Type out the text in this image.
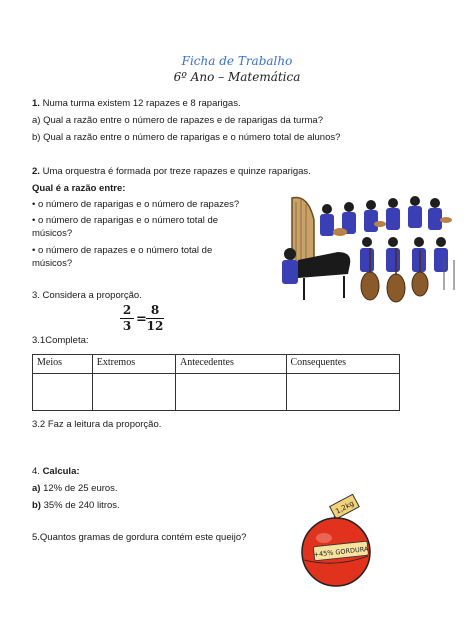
Ficha de Trabalho
6º Ano – Matemática
1. Numa turma existem 12 rapazes e 8 raparigas.
a) Qual a razão entre o número de rapazes e de raparigas da turma?
b) Qual a razão entre o número de raparigas e o número total de alunos?
2. Uma orquestra é formada por treze rapazes e quinze raparigas.
Qual é a razão entre:
• o número de raparigas e o número de rapazes?
• o número de raparigas e o número total de
músicos?
• o número de rapazes e o número total de
músicos?
3. Considera a proporção.
2
3 =
8
12
3.1Completa:
Meios	Extremos	Antecedentes	Consequentes

3.2 Faz a leitura da proporção.
4. Calcula:
a) 12% de 25 euros.
b) 35% de 240 litros.
5.Quantos gramas de gordura contém este queijo?
1,2kg
+45% GORDURA
